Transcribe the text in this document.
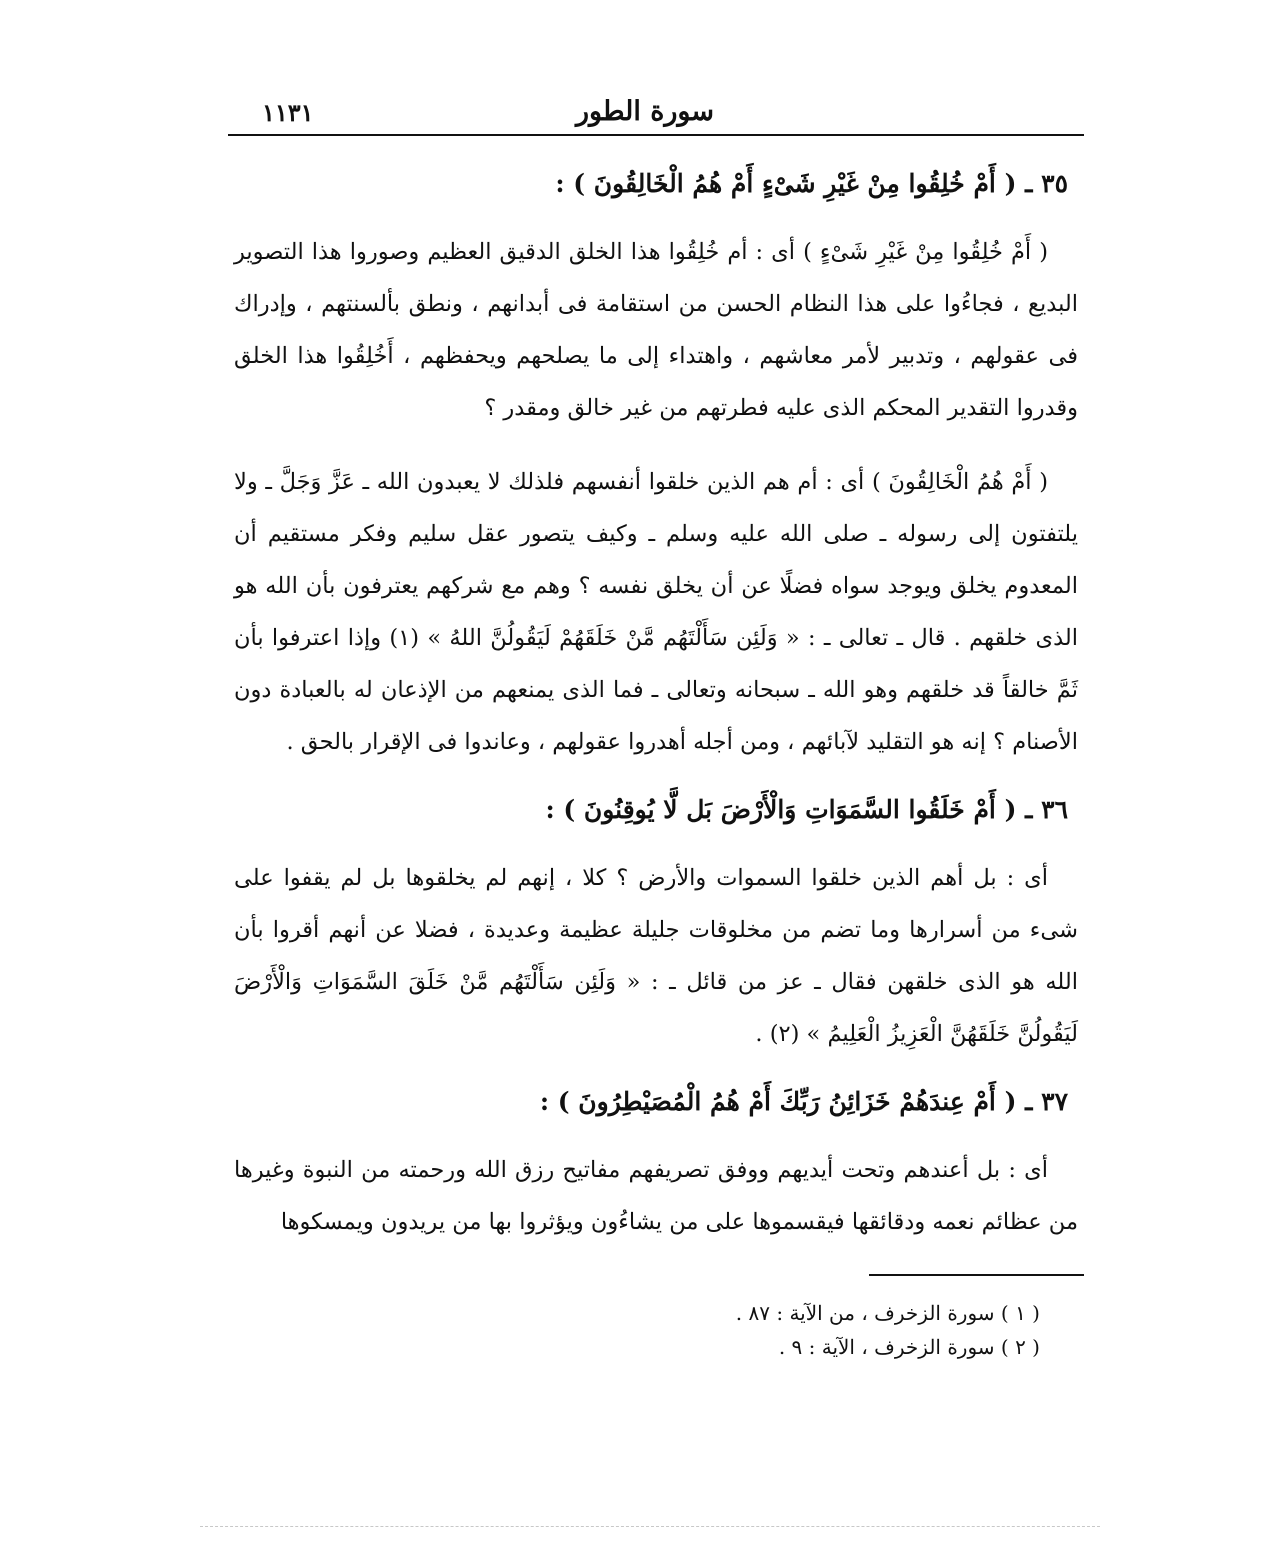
سورة الطور
١١٣١
٣٥ ـ ( أَمْ خُلِقُوا مِنْ غَيْرِ شَىْءٍ أَمْ هُمُ الْخَالِقُونَ ) :

( أَمْ خُلِقُوا مِنْ غَيْرِ شَىْءٍ ) أى : أم خُلِقُوا هذا الخلق الدقيق العظيم وصوروا هذا التصوير البديع ، فجاءُوا على هذا النظام الحسن من استقامة فى أبدانهم ، ونطق بألسنتهم ، وإدراك فى عقولهم ، وتدبير لأمر معاشهم ، واهتداء إلى ما يصلحهم ويحفظهم ، أَخُلِقُوا هذا الخلق وقدروا التقدير المحكم الذى عليه فطرتهم من غير خالق ومقدر ؟

( أَمْ هُمُ الْخَالِقُونَ ) أى : أم هم الذين خلقوا أنفسهم فلذلك لا يعبدون الله ـ عَزَّ وَجَلَّ ـ ولا يلتفتون إلى رسوله ـ صلى الله عليه وسلم ـ وكيف يتصور عقل سليم وفكر مستقيم أن المعدوم يخلق ويوجد سواه فضلًا عن أن يخلق نفسه ؟ وهم مع شركهم يعترفون بأن الله هو الذى خلقهم . قال ـ تعالى ـ : « وَلَئِن سَأَلْتَهُم مَّنْ خَلَقَهُمْ لَيَقُولُنَّ اللهُ » (١) وإذا اعترفوا بأن ثَمَّ خالقاً قد خلقهم وهو الله ـ سبحانه وتعالى ـ فما الذى يمنعهم من الإذعان له بالعبادة دون الأصنام ؟ إنه هو التقليد لآبائهم ، ومن أجله أهدروا عقولهم ، وعاندوا فى الإقرار بالحق .

٣٦ ـ ( أَمْ خَلَقُوا السَّمَوَاتِ وَالْأَرْضَ بَل لَّا يُوقِنُونَ ) :

أى : بل أهم الذين خلقوا السموات والأرض ؟ كلا ، إنهم لم يخلقوها بل لم يقفوا على شىء من أسرارها وما تضم من مخلوقات جليلة عظيمة وعديدة ، فضلا عن أنهم أقروا بأن الله هو الذى خلقهن فقال ـ عز من قائل ـ : « وَلَئِن سَأَلْتَهُم مَّنْ خَلَقَ السَّمَوَاتِ وَالْأَرْضَ لَيَقُولُنَّ خَلَقَهُنَّ الْعَزِيزُ الْعَلِيمُ » (٢) .

٣٧ ـ ( أَمْ عِندَهُمْ خَزَائِنُ رَبِّكَ أَمْ هُمُ الْمُصَيْطِرُونَ ) :

أى : بل أعندهم وتحت أيديهم ووفق تصريفهم مفاتيح رزق الله ورحمته من النبوة وغيرها من عظائم نعمه ودقائقها فيقسموها على من يشاءُون ويؤثروا بها من يريدون ويمسكوها

( ١ ) سورة الزخرف ، من الآية : ٨٧ .
( ٢ ) سورة الزخرف ، الآية : ٩ .
